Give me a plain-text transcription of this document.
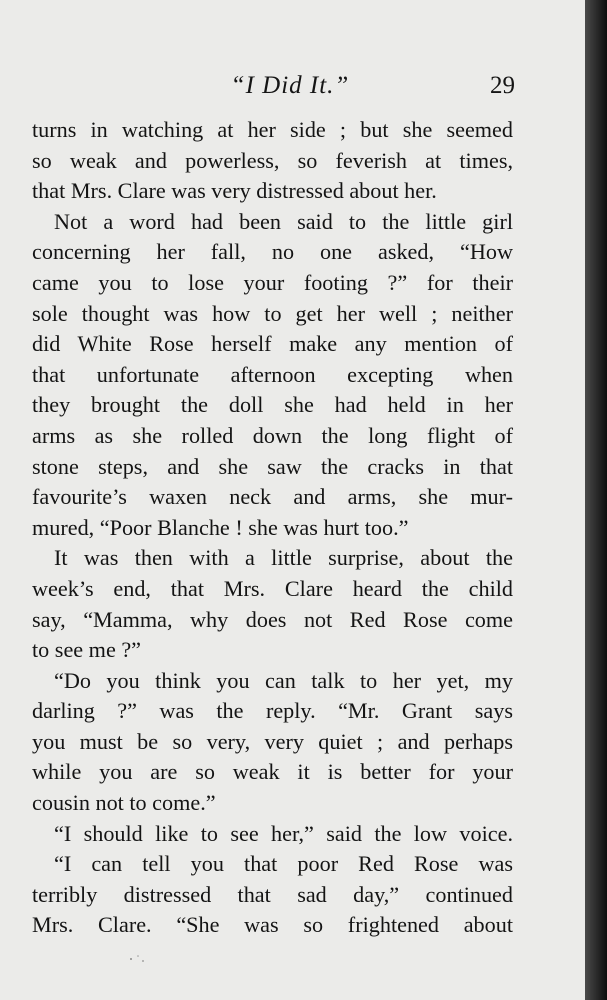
“I Did It.”	29
turns in watching at her side ; but she seemed
so weak and powerless, so feverish at times,
that Mrs. Clare was very distressed about her.
Not a word had been said to the little girl
concerning her fall, no one asked, “How
came you to lose your footing ?” for their
sole thought was how to get her well ; neither
did White Rose herself make any mention of
that unfortunate afternoon excepting when
they brought the doll she had held in her
arms as she rolled down the long flight of
stone steps, and she saw the cracks in that
favourite’s waxen neck and arms, she mur-
mured, “Poor Blanche ! she was hurt too.”
It was then with a little surprise, about the
week’s end, that Mrs. Clare heard the child
say, “Mamma, why does not Red Rose come
to see me ?”
“Do you think you can talk to her yet, my
darling ?” was the reply. “Mr. Grant says
you must be so very, very quiet ; and perhaps
while you are so weak it is better for your
cousin not to come.”
“I should like to see her,” said the low voice.
“I can tell you that poor Red Rose was
terribly distressed that sad day,” continued
Mrs. Clare. “She was so frightened about
